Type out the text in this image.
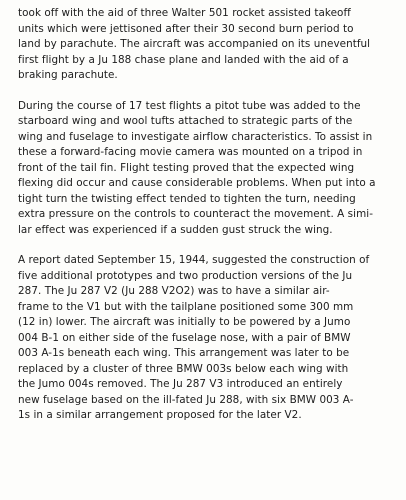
took off with the aid of three Walter 501 rocket assisted takeoff
units which were jettisoned after their 30 second burn period to
land by parachute. The aircraft was accompanied on its uneventful
first flight by a Ju 188 chase plane and landed with the aid of a
braking parachute.

During the course of 17 test flights a pitot tube was added to the
starboard wing and wool tufts attached to strategic parts of the
wing and fuselage to investigate airflow characteristics. To assist in
these a forward-facing movie camera was mounted on a tripod in
front of the tail fin. Flight testing proved that the expected wing
flexing did occur and cause considerable problems. When put into a
tight turn the twisting effect tended to tighten the turn, needing
extra pressure on the controls to counteract the movement. A simi-
lar effect was experienced if a sudden gust struck the wing.

A report dated September 15, 1944, suggested the construction of
five additional prototypes and two production versions of the Ju
287. The Ju 287 V2 (Ju 288 V2O2) was to have a similar air-
frame to the V1 but with the tailplane positioned some 300 mm
(12 in) lower. The aircraft was initially to be powered by a Jumo
004 B-1 on either side of the fuselage nose, with a pair of BMW
003 A-1s beneath each wing. This arrangement was later to be
replaced by a cluster of three BMW 003s below each wing with
the Jumo 004s removed. The Ju 287 V3 introduced an entirely
new fuselage based on the ill-fated Ju 288, with six BMW 003 A-
1s in a similar arrangement proposed for the later V2.
